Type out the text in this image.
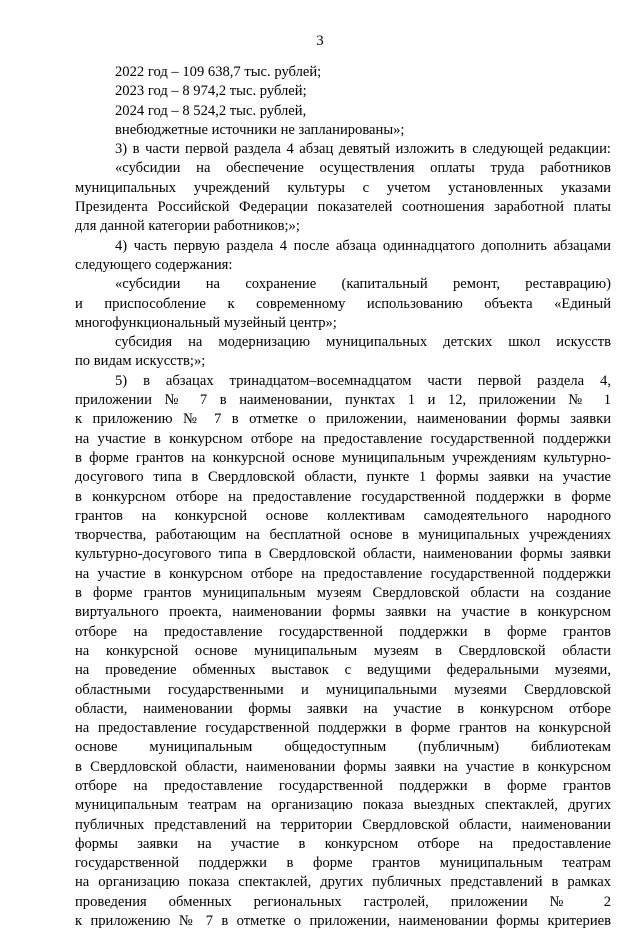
3
2022 год – 109 638,7 тыс. рублей;
2023 год – 8 974,2 тыс. рублей;
2024 год – 8 524,2 тыс. рублей,
внебюджетные источники не запланированы»;
3) в части первой раздела 4 абзац девятый изложить в следующей редакции:
«субсидии на обеспечение осуществления оплаты труда работников
муниципальных учреждений культуры с учетом установленных указами
Президента Российской Федерации показателей соотношения заработной платы
для данной категории работников;»;
4) часть первую раздела 4 после абзаца одиннадцатого дополнить абзацами
следующего содержания:
«субсидии на сохранение (капитальный ремонт, реставрацию)
и приспособление к современному использованию объекта «Единый
многофункциональный музейный центр»;
субсидия на модернизацию муниципальных детских школ искусств
по видам искусств;»;
5) в абзацах тринадцатом–восемнадцатом части первой раздела 4,
приложении № 7 в наименовании, пунктах 1 и 12, приложении № 1
к приложению № 7 в отметке о приложении, наименовании формы заявки
на участие в конкурсном отборе на предоставление государственной поддержки
в форме грантов на конкурсной основе муниципальным учреждениям культурно-
досугового типа в Свердловской области, пункте 1 формы заявки на участие
в конкурсном отборе на предоставление государственной поддержки в форме
грантов на конкурсной основе коллективам самодеятельного народного
творчества, работающим на бесплатной основе в муниципальных учреждениях
культурно-досугового типа в Свердловской области, наименовании формы заявки
на участие в конкурсном отборе на предоставление государственной поддержки
в форме грантов муниципальным музеям Свердловской области на создание
виртуального проекта, наименовании формы заявки на участие в конкурсном
отборе на предоставление государственной поддержки в форме грантов
на конкурсной основе муниципальным музеям в Свердловской области
на проведение обменных выставок с ведущими федеральными музеями,
областными государственными и муниципальными музеями Свердловской
области, наименовании формы заявки на участие в конкурсном отборе
на предоставление государственной поддержки в форме грантов на конкурсной
основе муниципальным общедоступным (публичным) библиотекам
в Свердловской области, наименовании формы заявки на участие в конкурсном
отборе на предоставление государственной поддержки в форме грантов
муниципальным театрам на организацию показа выездных спектаклей, других
публичных представлений на территории Свердловской области, наименовании
формы заявки на участие в конкурсном отборе на предоставление
государственной поддержки в форме грантов муниципальным театрам
на организацию показа спектаклей, других публичных представлений в рамках
проведения обменных региональных гастролей, приложении № 2
к приложению № 7 в отметке о приложении, наименовании формы критериев
